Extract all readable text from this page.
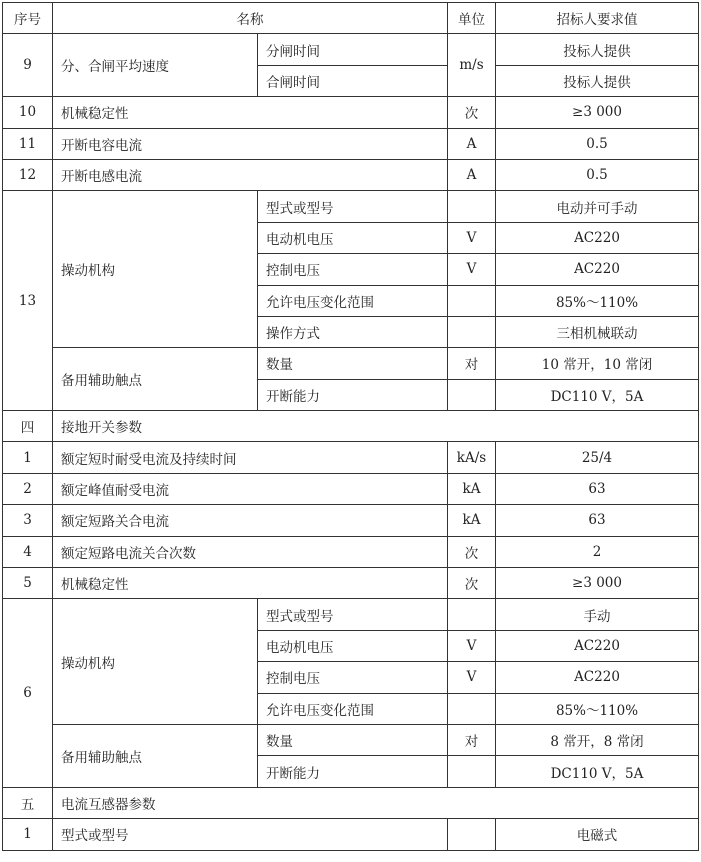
序号	名称		单位	招标人要求值
9	分、合闸平均速度	分闸时间	m/s	投标人提供
		合闸时间		投标人提供
10	机械稳定性		次	≥3 000
11	开断电容电流		A	0.5
12	开断电感电流		A	0.5
13	操动机构	型式或型号		电动并可手动
		电动机电压	V	AC220
		控制电压	V	AC220
		允许电压变化范围		85%～110%
		操作方式		三相机械联动
	备用辅助触点	数量	对	10 常开，10 常闭
		开断能力		DC110 V，5A
四	接地开关参数			
1	额定短时耐受电流及持续时间		kA/s	25/4
2	额定峰值耐受电流		kA	63
3	额定短路关合电流		kA	63
4	额定短路电流关合次数		次	2
5	机械稳定性		次	≥3 000
6	操动机构	型式或型号		手动
		电动机电压	V	AC220
		控制电压	V	AC220
		允许电压变化范围		85%～110%
	备用辅助触点	数量	对	8 常开，8 常闭
		开断能力		DC110 V，5A
五	电流互感器参数			
1	型式或型号			电磁式
